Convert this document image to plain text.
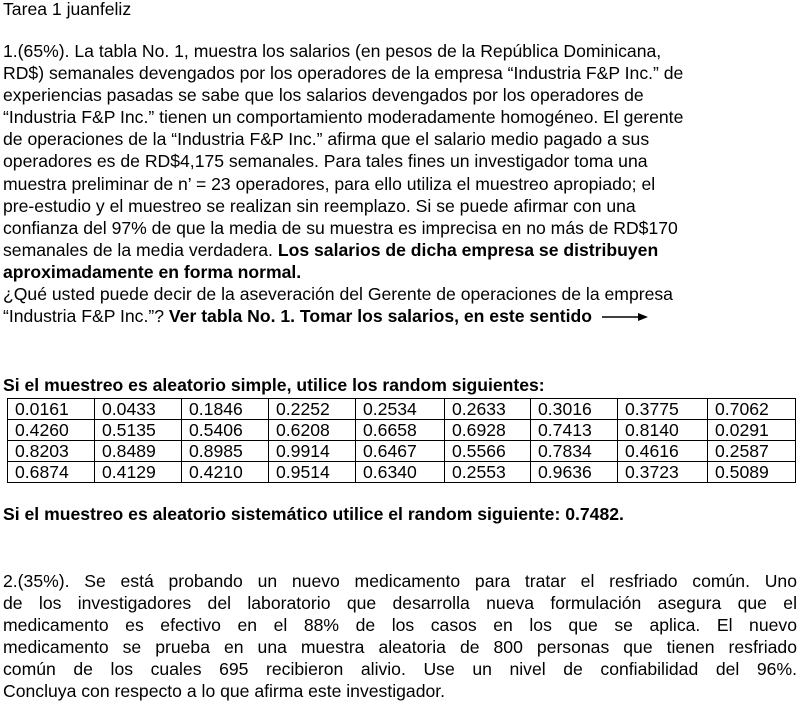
Tarea 1 juanfeliz
1.(65%). La tabla No. 1, muestra los salarios (en pesos de la República Dominicana,
RD$) semanales devengados por los operadores de la empresa “Industria F&P Inc.” de
experiencias pasadas se sabe que los salarios devengados por los operadores de
“Industria F&P Inc.” tienen un comportamiento moderadamente homogéneo. El gerente
de operaciones de la “Industria F&P Inc.” afirma que el salario medio pagado a sus
operadores es de RD$4,175 semanales. Para tales fines un investigador toma una
muestra preliminar de n’ = 23 operadores, para ello utiliza el muestreo apropiado; el
pre-estudio y el muestreo se realizan sin reemplazo. Si se puede afirmar con una
confianza del 97% de que la media de su muestra es imprecisa en no más de RD$170
semanales de la media verdadera. Los salarios de dicha empresa se distribuyen
aproximadamente en forma normal.
¿Qué usted puede decir de la aseveración del Gerente de operaciones de la empresa
“Industria F&P Inc.”? Ver tabla No. 1. Tomar los salarios, en este sentido
Si el muestreo es aleatorio simple, utilice los random siguientes:
0.0161	0.0433	0.1846	0.2252	0.2534	0.2633	0.3016	0.3775	0.7062
0.4260	0.5135	0.5406	0.6208	0.6658	0.6928	0.7413	0.8140	0.0291
0.8203	0.8489	0.8985	0.9914	0.6467	0.5566	0.7834	0.4616	0.2587
0.6874	0.4129	0.4210	0.9514	0.6340	0.2553	0.9636	0.3723	0.5089
Si el muestreo es aleatorio sistemático utilice el random siguiente: 0.7482.
2.(35%). Se está probando un nuevo medicamento para tratar el resfriado común. Uno
de los investigadores del laboratorio que desarrolla nueva formulación asegura que el
medicamento es efectivo en el 88% de los casos en los que se aplica. El nuevo
medicamento se prueba en una muestra aleatoria de 800 personas que tienen resfriado
común de los cuales 695 recibieron alivio. Use un nivel de confiabilidad del 96%.
Concluya con respecto a lo que afirma este investigador.
